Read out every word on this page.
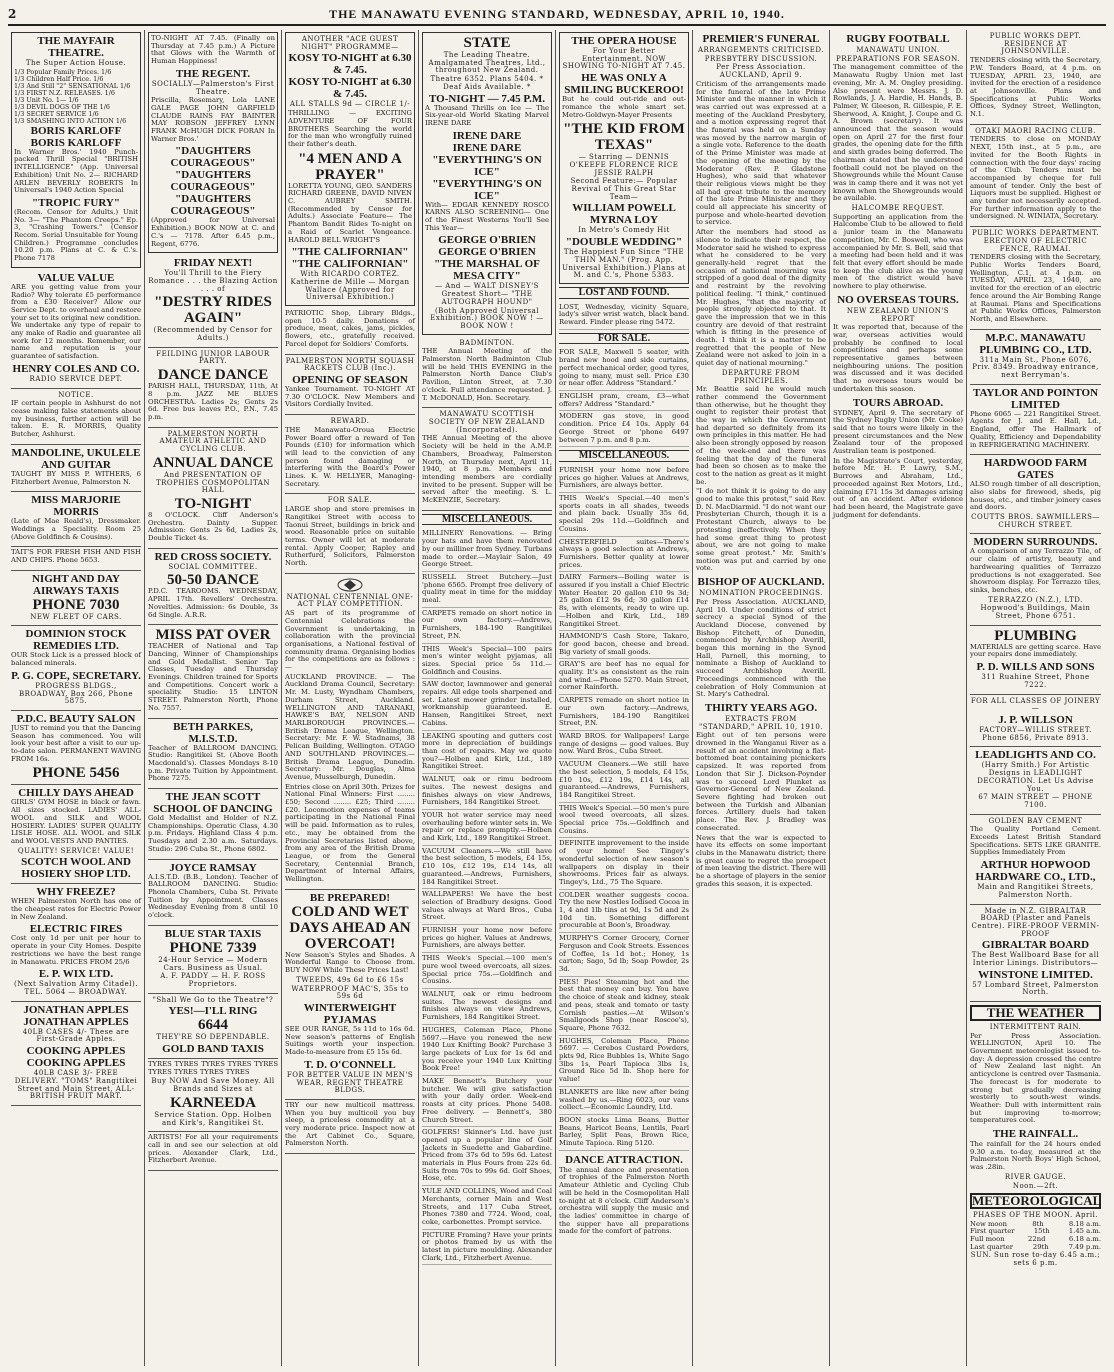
2	THE MANAWATU EVENING STANDARD, WEDNESDAY, APRIL 10, 1940.
THE MAYFAIR THEATRE.
The Super Action House.
1/3 Popular Family Prices. 1/6
1/3 Children Half Price. 1/6
1/3 And Still "2" SENSATIONAL 1/6
1/3 FIRST N.Z. RELEASES. 1/6
1/3 Unit No. 1— 1/6
1/3 DEVIL DOGS OF THE 1/6
1/3 SECRET SERVICE 1/6
1/3 SMASHING INTO ACTION 1/6
BORIS KARLOFF
BORIS KARLOFF
In Warner Bros.' 1940 Punch-packed Thrill Special "BRITISH INTELLIGENCE" (App. Universal Exhibition) Unit No. 2— RICHARD ARLEN BEVERLY ROBERTS In Universal's 1940 Action Special
"TROPIC FURY"
(Recom. Censor for Adults.) Unit No. 3— "The Phantom Creeps." Ep. 3, "Crashing Towers." (Censor Recom. Serial Unsuitable for Young Children.) Programme concludes 10.20 p.m. Plans at C. & C.'s. Phone 7178
VALUE VALUE
ARE you getting value from your Radio? Why tolerate £5 performance from a £30 Receiver? Allow our Service Dept. to overhaul and restore your set to its original new condition. We undertake any type of repair to any make of Radio and guarantee all work for 12 months. Remember, our name and reputation is your guarantee of satisfaction.
HENRY COLES AND CO.
RADIO SERVICE DEPT.
NOTICE.
IF certain people in Ashhurst do not cease making false statements about my business, further action will be taken. E. R. MORRIS, Quality Butcher, Ashhurst.
MANDOLINE, UKULELE AND GUITAR
TAUGHT BY MISS P. WITHERS, 6 Fitzherbert Avenue, Palmerston N.
MISS MARJORIE MORRIS
(Late of Mae Reald's), Dressmaker. Weddings a Speciality. Room 25 (Above Goldfinch & Cousins).
TAIT'S FOR FRESH FISH AND FISH AND CHIPS. Phone 5653.
NIGHT AND DAY AIRWAYS TAXIS
PHONE 7030
NEW FLEET OF CARS.
DOMINION STOCK REMEDIES LTD.
OUR Stock Lick is a pressed block of balanced minerals.
P. G. COPE, SECRETARY.
PROGRESS BLDGS., BROADWAY, Box 266, Phone 5875.
P.D.C. BEAUTY SALON
JUST to remind you that the Dancing Season has commenced. You will look your best after a visit to our up-to-date salon. PERMANENT WAVING FROM 16s.
PHONE 5456
CHILLY DAYS AHEAD
GIRLS' GYM HOSE in black or fawn. All sizes stocked. LADIES' ALL-WOOL and SILK and WOOL HOSIERY. LADIES' SUPER QUALITY LISLE HOSE. ALL WOOL and SILK and WOOL VESTS AND PANTIES.
QUALITY! SERVICE! VALUE!
SCOTCH WOOL AND HOSIERY SHOP LTD.
WHY FREEZE?
WHEN Palmerston North has one of the cheapest rates for Electric Power in New Zealand.
ELECTRIC FIRES
Cost only 1d per unit per hour to operate in your City Homes. Despite restrictions we have the best range in Manawatu. PRICES FROM 25/6
E. P. WIX LTD.
(Next Salvation Army Citadel). TEL. 5064 — BROADWAY.
JONATHAN APPLES
JONATHAN APPLES
40LB CASES 4/- These are First-Grade Apples.
COOKING APPLES
COOKING APPLES
40LB CASE 3/- FREE DELIVERY. "TOMS" Rangitikei Street and Main Street, ALL-BRITISH FRUIT MART.
TO-NIGHT AT 7.45. (Finally on Thursday at 7.45 p.m.) A Picture that Glows with the Warmth of Human Happiness!
THE REGENT.
SOCIALLY—Palmerston's First Theatre.
Priscilla, Rosemary, Lola LANE GALE PAGE JOHN GARFIELD CLAUDE RAINS FAY BAINTER MAY ROBSON JEFFREY LYNN FRANK McHUGH DICK FORAN In Warner Bros.'
"DAUGHTERS COURAGEOUS"
"DAUGHTERS COURAGEOUS"
"DAUGHTERS COURAGEOUS"
(Approved for Universal Exhibition.) BOOK NOW at C. and C.'s — 7178. After 6.45 p.m., Regent, 6776.
FRIDAY NEXT!
You'll Thrill to the Fiery Romance . . . the Blazing Action . . . of
"DESTRY RIDES AGAIN"
(Recommended by Censor for Adults.)
FEILDING JUNIOR LABOUR PARTY.
DANCE DANCE
PARISH HALL, THURSDAY, 11th, At 8 p.m. JAZZ ME BLUES ORCHESTRA. Ladies 2s; Gents 2s 6d. Free bus leaves P.O., P.N., 7.45 p.m.
PALMERSTON NORTH AMATEUR ATHLETIC AND CYCLING CLUB.
ANNUAL DANCE
And PRESENTATION OF TROPHIES COSMOPOLITAN HALL
TO-NIGHT
8 O'CLOCK. Cliff Anderson's Orchestra. Dainty Supper. Admission: Gents 2s 6d, Ladies 2s, Double Ticket 4s.
RED CROSS SOCIETY.
SOCIAL COMMITTEE.
50-50 DANCE
P.D.C. TEAROOMS. WEDNESDAY, APRIL 17th. Revellers' Orchestra. Novelties. Admission: 6s Double, 3s 6d Single. A.R.R.
MISS PAT OVER
TEACHER of National and Tap Dancing, Winner of Championships and Gold Medallist. Senior Tap Classes, Tuesday and Thursday Evenings. Children trained for Sports and Competitions. Concert work a speciality. Studio: 15 LINTON STREET. Palmerston North, Phone No. 7557.
BETH PARKES, M.I.S.T.D.
Teacher of BALLROOM DANCING. Studio: Rangitikei St. (Above Booth Macdonald's). Classes Mondays 8-10 p.m. Private Tuition by Appointment. Phone 7275.
THE JEAN SCOTT SCHOOL OF DANCING
Gold Medallist and Holder of N.Z. Championships. Operatic Class, 4.30 p.m. Fridays. Highland Class 4 p.m. Tuesdays and 2.30 a.m. Saturdays. Studio: 296 Cuba St., Phone 6802.
JOYCE RAMSAY
A.I.S.T.D. (B.B., London). Teacher of BALLROOM DANCING. Studio: Phonola Chambers, Cuba St. Private Tuition by Appointment. Classes Wednesday Evening from 8 until 10 o'clock.
BLUE STAR TAXIS
PHONE 7339
24-Hour Service — Modern Cars. Business as Usual.
A. F. PADDY — H. F. ROSS Proprietors.
"Shall We Go to the Theatre"?
YES!—I'LL RING
6644
THEY'RE SO DEPENDABLE.
GOLD BAND TAXIS
TYRES TYRES TYRES TYRES TYRES TYRES TYRES TYRES TYRES
Buy NOW And Save Money. All Brands and Sizes at
KARNEEDA
Service Station. Opp. Holben and Kirk's, Rangitikei St.
ARTISTS! For all your requirements call in and see our selection at old prices. Alexander Clark, Ltd., Fitzherbert Avenue.
ANOTHER "ACE GUEST NIGHT" PROGRAMME—
KOSY TO-NIGHT at 6.30 & 7.45.
KOSY TO-NIGHT at 6.30 & 7.45.
ALL STALLS 9d — CIRCLE 1/-
THRILLING — EXCITING ADVENTURE OF FOUR BROTHERS Searching the world for the man who wrongfully ruined their father's death.
"4 MEN AND A PRAYER"
LORETTA YOUNG, GEO. SANDERS RICHARD GREENE, DAVID NIVEN C. AUBREY SMITH. (Recommended by Censor for Adults.) Associate Feature— The Phantom Bandit Rides To-night on a Raid of Scarlet Vengeance. HAROLD BELL WRIGHT'S
"THE CALIFORNIAN"
"THE CALIFORNIAN"
With RICARDO CORTEZ. Katherine de Mille — Morgan Wallace (Approved for Universal Exhibition.)
PATRIOTIC Shop, Library Bldgs., open 10-5 daily. Donations of produce, meat, cakes, jams, pickles, flowers, etc., gratefully received. Parcel depot for Soldiers' Comforts.
PALMERSTON NORTH SQUASH RACKETS CLUB (Inc.).
OPENING OF SEASON
Yankee Tournament. TO-NIGHT AT 7.30 O'CLOCK. New Members and Visitors Cordially Invited.
REWARD.
THE Manawatu-Oroua Electric Power Board offer a reward of Ten Pounds (£10) for information which will lead to the conviction of any person found damaging or interfering with the Board's Power Lines. K. W. HELLYER, Managing-Secretary.
FOR SALE.
LARGE shop and store premises in Rangitikei Street with access to Taonui Street, buildings in brick and wood. Reasonable price on suitable terms. Owner will let at moderate rental. Apply Cooper, Rapley and Rutherfurd, Solicitors, Palmerston North.
NATIONAL CENTENNIAL ONE-ACT PLAY COMPETITION.
AS part of its programme of Centennial Celebrations the Government is undertaking, in collaboration with the provincial organisations, a National festival of community drama. Organising bodies for the competitions are as follows :—
AUCKLAND PROVINCE. — The Auckland Drama Council, Secretary: Mr. M. Lusty, Wyndham Chambers, Durham Street, Auckland. WELLINGTON AND TARANAKI, HAWKE'S BAY, NELSON AND MARLBOROUGH PROVINCES.— British Drama League, Wellington. Secretary: Mr. F. W. Stadnams, 38 Pelican Building, Wellington. OTAGO AND SOUTHLAND PROVINCES.—British Drama League, Dunedin. Secretary: Mr. Douglas, Alma Avenue, Musselburgh, Dunedin.
Entries close on April 30th. Prizes for National Final Winners: First ........ £50; Second ........ £25; Third ........ £20. Locomotion expenses of teams participating in the National Final will be paid. Information as to rules, etc., may be obtained from the Provincial Secretaries listed above, from any area of the British Drama League, or from the General Secretary, Centennial Branch, Department of Internal Affairs, Wellington.
BE PREPARED!
COLD AND WET DAYS AHEAD AN OVERCOAT!
New Season's Styles and Shades. A Wonderful Range to Choose from. BUY NOW While These Prices Last!
TWEEDS, 49s 6d to £6 15s
WATERPROOF MAC'S, 35s to 59s 6d
WINTERWEIGHT PYJAMAS
SEE OUR RANGE, 5s 11d to 16s 6d. New season's patterns of English Suitings worth your inspection. Made-to-measure from £5 15s 6d.
T. D. O'CONNELL
FOR BETTER VALUE IN MEN'S WEAR, REGENT THEATRE BLDGS.
TRY our new multicoil mattress. When you buy multicoil you buy sleep, a priceless commodity at a very moderate price. Inspect now at the Art Cabinet Co., Square, Palmerston North.
STATE
The Leading Theatre. Amalgamated Theatres, Ltd., throughout New Zealand.
Theatre 6352. Plans 5404. * Deaf Aids Available. *
TO-NIGHT — 7.45 P.M.
A Thousand Thrills on Ice — The Six-year-old World Skating Marvel IRENE DARE
IRENE DARE
IRENE DARE
"EVERYTHING'S ON ICE"
"EVERYTHING'S ON ICE"
With— EDGAR KENNEDY ROSCO KARNS ALSO SCREENING— One of the Finest Westerns You'll See This Year—
GEORGE O'BRIEN
GEORGE O'BRIEN
"THE MARSHAL OF MESA CITY"
— And — WALT DISNEY'S Greatest Short— "THE AUTOGRAPH HOUND"
(Both Approved Universal Exhibition.) BOOK NOW ! — BOOK NOW !
BADMINTON.
THE Annual Meeting of the Palmerston North Badminton Club will be held THIS EVENING in the Palmerston North Dance Club's Pavilion, Linton Street, at 7.30 o'clock. Full attendance requested. J. T. McDONALD, Hon. Secretary.
MANAWATU SCOTTISH SOCIETY OF NEW ZEALAND (Incorporated).
THE Annual Meeting of the above Society will be held in the A.M.P. Chambers, Broadway, Palmerston North, on Thursday next, April 11, 1940, at 8 p.m. Members and intending members are cordially invited to be present. Supper will be served after the meeting. S. L. McKENZIE, Secretary.
MISCELLANEOUS.
MILLINERY Renovations. — Bring your hats and have them renovated by our milliner from Sydney. Turbans made to order.—Maylair Salon, 49 George Street.
RUSSELL Street Butchery.—Just 'phone 6565. Prompt free delivery of quality meat in time for the midday meal.
CARPETS remade on short notice in our own factory.—Andrews, Furnishers, 184-190 Rangitikei Street, P.N.
THIS Week's Special—100 pairs men's winter weight pyjamas, all sizes. Special price 5s 11d.—Goldfinch and Cousins.
SAW doctor, lawnmower and general repairs. All edge tools sharpened and set. Latest mower grinder installed, workmanship guaranteed. E. Hansen, Rangitikei Street, next Cabins.
LEAKING spouting and gutters cost more in depreciation of buildings than cost of repairs. May we quote you?—Holben and Kirk, Ltd., 189 Rangitikei Street.
WALNUT, oak or rimu bedroom suites. The newest designs and finishes always on view Andrews, Furnishers, 184 Rangitikei Street.
YOUR hot water service may need overhauling before winter sets in. We repair or replace promptly.—Holben and Kirk, Ltd., 189 Rangitikei Street.
VACUUM Cleaners.—We still have the best selection, 5 models, £4 15s, £10 10s, £12 19s, £14 14s, all guaranteed.—Andrews, Furnishers, 184 Rangitikei Street.
WALLPAPERS! We have the best selection of Bradbury designs. Good values always at Ward Bros., Cuba Street.
FURNISH your home now before prices go higher. Values at Andrews, Furnishers, are always better.
THIS Week's Special.—100 men's pure wool tweed overcoats, all sizes. Special price 75s.—Goldfinch and Cousins.
WALNUT, oak or rimu bedroom suites. The newest designs and finishes always on view Andrews, Furnishers, 184 Rangitikei Street.
HUGHES, Coleman Place, Phone 5697.—Have you renewed the new 1940 Lux Knitting Book? Purchase 3 large packets of Lux for 1s 6d and you receive your 1940 Lux Knitting Book Free!
MAKE Bennett's Butchery your butcher. We will give satisfaction with your daily order. Week-end roasts at city prices. Phone 5408. Free delivery. — Bennett's, 380 Church Street.
GOLFERS! Skinner's Ltd. have just opened up a popular line of Golf Jackets in Suedette and Gabardine. Priced from 37s 6d to 59s 6d. Latest materials in Plus Fours from 22s 6d. Suits from 70s to 99s 6d. Golf Shoes, Hose, etc.
YULE AND COLLINS, Wood and Coal Merchants, corner Main and West Streets, and 117 Cuba Street, Phones 7380 and 7724. Wood, coal, coke, carbonettes. Prompt service.
PICTURE Framing? Have your prints or photos framed by us with the latest in picture moulding. Alexander Clark, Ltd., Fitzherbert Avenue.
THE OPERA HOUSE
For Your Better Entertainment. NOW SHOWING TO-NIGHT AT 7.45.
HE WAS ONLY A SMILING BUCKEROO!
But he could out-ride and out-romance the whole smart set. Metro-Goldwyn-Mayer Presents
"THE KID FROM TEXAS"
— Starring — DENNIS O'KEEFE FLORENCE RICE JESSIE RALPH
Second Feature:— Popular Revival of This Great Star Team—
WILLIAM POWELL MYRNA LOY
In Metro's Comedy Hit
"DOUBLE WEDDING"
The Happiest Fun Since "THE THIN MAN." (Prog. App. Universal Exhibition.) Plans at M. and C.'s, Phone 5383.
LOST AND FOUND.
LOST, Wednesday, vicinity Square, lady's silver wrist watch, black band. Reward. Finder please ring 5472.
FOR SALE.
FOR SALE, Maxwell 5 seater, with brand new hood and side curtains, perfect mechanical order, good tyres, going to many, must sell. Price £30 or near offer. Address "Standard."
ENGLISH pram, cream, £3—what offers? Address "Standard."
MODERN gas stove, in good condition. Price £4 10s. Apply 64 George Street or 'phone 6497 between 7 p.m. and 8 p.m.
MISCELLANEOUS.
FURNISH your home now before prices go higher. Values at Andrews, Furnishers, are always better.
THIS Week's Special.—40 men's sports coats in all shades, tweeds and plain back. Usually 35s 6d, special 29s 11d.—Goldfinch and Cousins.
CHESTERFIELD suites—There's always a good selection at Andrews, Furnishers. Better quality at lower prices.
DAIRY Farmers—Boiling water is assured if you install a Chief Electric Water Heater. 20 gallon £10 9s 3d; 25 gallon £12 9s 6d; 30 gallon £14 8s, with elements, ready to wire up.—Holben and Kirk, Ltd., 189 Rangitikei Street.
HAMMOND'S Cash Store, Takaro, for good bacon, cheese and bread. Big variety of small goods.
GRAY'S are beef has no equal for quality. It's as consistent as the rain and wind.—Phone 5270. Main Street, corner Rainforth.
CARPETS remade on short notice in our own factory.—Andrews, Furnishers, 184-190 Rangitikei Street, P.N.
WARD BROS. for Wallpapers! Large range of designs — good values. Buy now. Ward Bros., Cuba Street.
VACUUM Cleaners.—We still have the best selection, 5 models, £4 15s, £10 10s, £12 19s, £14 14s, all guaranteed.—Andrews, Furnishers, 184 Rangitikei Street.
THIS Week's Special.—50 men's pure wool tweed overcoats, all sizes. Special price 75s.—Goldfinch and Cousins.
DEFINITE improvement to the inside of your home! See Tingey's wonderful selection of new season's wallpapers on display in their showrooms. Prices fair as always. Tingey's, Ltd., 75 The Square.
COLDER weather suggests cocoa. Try the new Nestles Iodised Cocoa in 1, 4 and 1lb tins at 9d, 1s 5d and 2s 10d tin. Something different procurable at Boon's, Broadway.
MURPHY'S Corner Grocery, Corner Ferguson and Cook Streets. Essences of Coffee, 1s 1d bot.; Honey, 1s carton; Sago, 5d lb; Soap Powder, 2s 3d.
PIES! Pies! Steaming hot and the best that money can buy. You have the choice of steak and kidney, steak and peas, steak and tomato or tasty Cornish pasties.—At Wilson's Smallgoods Shop (near Roscoe's), Square, Phone 7632.
HUGHES, Coleman Place, Phone 5697. — Cerebos Custard Powders, pkts 9d, Rice Bubbles 1s, White Sago 3lbs 1s, Pearl Tapioca 3lbs 1s, Ground Rice 5d lb. Shop here for value!
BLANKETS are like new after being washed by us.—Ring 6023, our vans collect.—Economic Laundry, Ltd.
BOON stocks Lima Beans, Butter Beans, Haricot Beans, Lentils, Pearl Barley, Split Peas, Brown Rice, Minute Tapioca. Ring 5120.
DANCE ATTRACTION.
The annual dance and presentation of trophies of the Palmerston North Amateur Athletic and Cycling Club will be held in the Cosmopolitan Hall to-night at 8 o'clock. Cliff Anderson's orchestra will supply the music and the ladies' committee in charge of the supper have all preparations made for the comfort of patrons.
PREMIER'S FUNERAL
ARRANGEMENTS CRITICISED.
PRESBYTERY DISCUSSION.
Per Press Association. AUCKLAND, April 9.
Criticism of the arrangements made for the funeral of the late Prime Minister and the manner in which it was carried out was expressed at a meeting of the Auckland Presbytery, and a motion expressing regret that the funeral was held on a Sunday was moved by the narrow margin of a single vote. Reference to the death of the Prime Minister was made at the opening of the meeting by the Moderator (Rev. P. Gladstone Hughes), who said that whatever their religious views might be they all had great tribute to the memory of the late Prime Minister and they could all appreciate his sincerity of purpose and whole-hearted devotion to service.
After the members had stood as silence to indicate their respect, the Moderator said he wished to express what he considered to be very generally-held regret that the occasion of national mourning was stripped of a good deal of the dignity and restraint by the revolving political feeling. "I think," continued Mr. Hughes, "that the majority of people strongly objected to that. It gave the impression that we in this country are devoid of that restraint which is fitting in the presence of death. I think it is a matter to be regretted that the people of New Zealand were not asked to join in a quiet day of national mourning."
DEPARTURE FROM PRINCIPLES.
Mr. Beattie said he would much rather commend the Government than otherwise, but he thought they ought to register their protest that the way in which the Government had departed so definitely from its own principles in this matter. He had also been strongly opposed by reason of the week-end and there was feeling that the day of the funeral had been so chosen as to make the cost to the nation as great as it might be.
"I do not think it is going to do any good to make this protest," said Rev. D. N. MacDiarmid. "I do not want our Presbyterian Church, though it is a Protestant Church, always to be protesting ineffectively. When they had some great thing to protest about, we are not going to make some great protest." Mr. Smith's motion was put and carried by one vote.
BISHOP OF AUCKLAND.
NOMINATION PROCEEDINGS.
Per Press Association. AUCKLAND, April 10. Under conditions of strict secrecy a special Synod of the Auckland Diocese, convened by Bishop Fitchett, of Dunedin, commenced by Archbishop Averill, began this morning in the Synod Hall, Parnell, this morning, to nominate a Bishop of Auckland to succeed Archbishop Averill. Proceedings commenced with the celebration of Holy Communion at St. Mary's Cathedral.
THIRTY YEARS AGO.
EXTRACTS FROM "STANDARD," APRIL 10, 1910.
Eight out of ten persons were drowned in the Wanganui River as a result of an accident involving a flat-bottomed boat containing picnickers capsized. It was reported from London that Sir J. Dickson-Poynder was to succeed Lord Plunket as Governor-General of New Zealand. Severe fighting had broken out between the Turkish and Albanian forces. Artillery duels had taken place. The Rev. J. Bradley was consecrated.
News that the war is expected to have its effects on some important clubs in the Manawatu district; there is great cause to regret the prospect of men leaving the district. There will be a shortage of players in the senior grades this season, it is expected.
RUGBY FOOTBALL
MANAWATU UNION.
PREPARATIONS FOR SEASON.
The management committee of the Manawatu Rugby Union met last evening, Mr. A. M. Ongley presiding. Also present were Messrs. J. D. Rowlands, J. A. Hardie, H. Hands, B. Palmer, W. Gleeson, R. Gillespie, F. E. Sherwood, A. Knight, J. Coupe and G. A. Brown (secretary). It was announced that the season would open on April 27 for the first four grades, the opening date for the fifth and sixth grades being deferred. The chairman stated that he understood football could not be played on the Showgrounds while the Mount Cause was in camp there and it was not yet known when the Showgrounds would be available.
HALCOMBE REQUEST.
Supporting an application from the Halcombe Club to be allowed to field a junior team in the Manawatu competition, Mr. C. Boswell, who was accompanied by Mr. S. Bell, said that a meeting had been held and it was felt that every effort should be made to keep the club alive as the young men of the district would have nowhere to play otherwise.
NO OVERSEAS TOURS.
NEW ZEALAND UNION'S REPORT
It was reported that, because of the war, overseas activities would probably be confined to local competitions and perhaps some representative games between neighbouring unions. The position was discussed and it was decided that no overseas tours would be undertaken this season.
TOURS ABROAD.
SYDNEY, April 9. The secretary of the Sydney Rugby Union (Mr. Cooke) said that no tours were likely in the present circumstances and the New Zealand tour of the proposed Australian team is postponed.
In the Magistrate's Court, yesterday, before Mr. H. P. Lawry, S.M., Burrows and Abraham, Ltd., proceeded against Rex Motors, Ltd., claiming £71 15s 3d damages arising out of an accident. After evidence had been heard, the Magistrate gave judgment for defendants.
PUBLIC WORKS DEPT. RESIDENCE AT JOHNSONVILLE.
TENDERS closing with the Secretary, P.W. Tenders Board, at 4 p.m. on TUESDAY, APRIL 23, 1940, are invited for the erection of a residence at Johnsonville. Plans and Specifications at Public Works Offices, Sydney Street, Wellington, N.1.
OTAKI MAORI RACING CLUB.
TENDERS to close on MONDAY NEXT, 15th inst., at 5 p.m., are invited for the Booth Rights in connection with the four days' racing of the Club. Tenders must be accompanied by cheque for full amount of tender. Only the best of Liquors must be supplied. Highest or any tender not necessarily accepted. For further information apply to the undersigned. N. WINIATA, Secretary.
PUBLIC WORKS DEPARTMENT. ERECTION OF ELECTRIC FENCE, RAUMAI.
TENDERS closing with the Secretary, Public Works Tenders Board, Wellington, C.1, at 4 p.m. on TUESDAY, APRIL 23, 1940, are invited for the erection of an electric fence around the Air Bombing Range at Raumai. Plans and Specifications at Public Works Offices, Palmerston North, and Elsewhere.
M.P.C. MANAWATU PLUMBING CO., LTD.
311a Main St., Phone 6076, Priv. 8349. Broadway entrance, next Berryman's.
TAYLOR AND POINTON LIMITED
Phone 6065 — 221 Rangitikei Street. Agents for J. and E. Hall, Ld., England, offer The Hallmark of Quality, Efficiency and Dependability in REFRIGERATING MACHINERY.
HARDWOOD FARM GATES
ALSO rough timber of all description, also slabs for firewood, sheds, pig houses, etc., and timber joinery cases and doors.
COUTTS BROS. SAWMILLERS—CHURCH STREET.
MODERN SURROUNDS.
A comparison of any Terrazzo Tile, of our claim of artistry, beauty and hardwearing qualities of Terrazzo productions is not exaggerated. See showroom display. For Terrazzo tiles, sinks, benches, etc.
TERRAZZO (N.Z.), LTD.
Hopwood's Buildings, Main Street, Phone 6751.
PLUMBING
MATERIALS are getting scarce. Have your repairs done immediately.
P. D. WILLS AND SONS
311 Ruahine Street, Phone 7222.
FOR ALL CLASSES OF JOINERY—
J. P. WILLSON
FACTORY—WILLIS STREET. Phone 6856, Private 8913.
LEADLIGHTS AND CO.
(Harry Smith.) For Artistic Designs in LEADLIGHT DECORATION. Let Us Advise You.
67 MAIN STREET — PHONE 7100.
GOLDEN BAY CEMENT
The Quality Portland Cement. Exceeds Latest British Standard Specifications. SETS LIKE GRANITE. Supplies Immediately From
ARTHUR HOPWOOD HARDWARE CO., LTD.,
Main and Rangitikei Streets, Palmerston North.
Made in N.Z. GIBRALTAR BOARD (Plaster and Panels Centre). FIRE-PROOF VERMIN-PROOF
GIBRALTAR BOARD
The Best Wallboard Base for all Interior Linings. Distributors—
WINSTONE LIMITED.
57 Lombard Street, Palmerston North.
THE WEATHER
INTERMITTENT RAIN.
Per Press Association. WELLINGTON, April 10. The Government meteorologist issued to-day: A depression crossed the centre of New Zealand last night. An anticyclone is centred over Tasmania. The forecast is for moderate to strong but gradually decreasing westerly to south-west winds. Weather: Dull with intermittent rain but improving to-morrow; temperatures cool.
THE RAINFALL.
The rainfall for the 24 hours ended 9.30 a.m. to-day, measured at the Palmerston North Boys' High School, was .28in.
RIVER GAUGE.
Noon.—2ft.
METEOROLOGICAL
PHASES OF THE MOON. April.
New moon	8th	8.18 a.m.
First quarter	15th	1.45 a.m.
Full moon	22nd	6.18 a.m.
Last quarter	29th	7.49 p.m.
SUN. Sun rose to-day 6.45 a.m.; sets 6 p.m.
